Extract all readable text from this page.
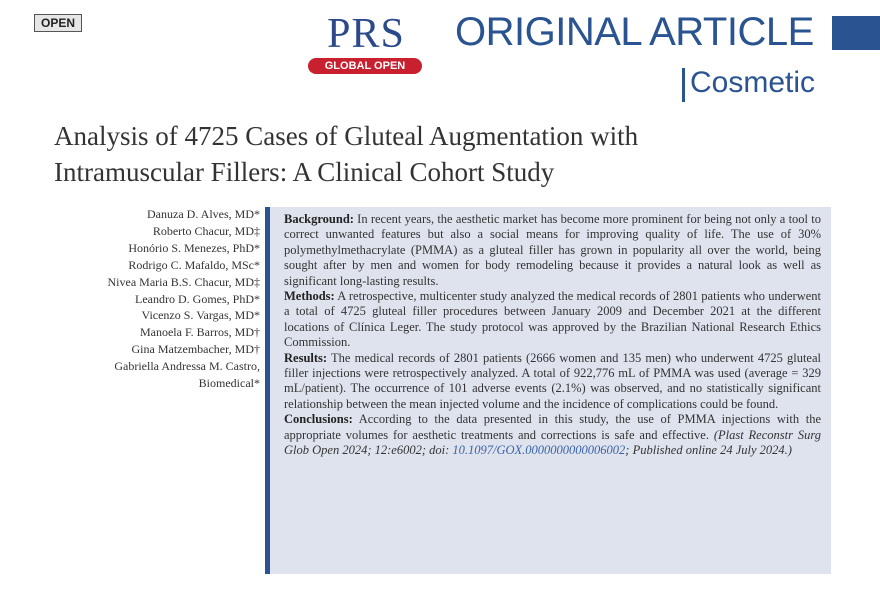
OPEN	PRS
GLOBAL OPEN
ORIGINAL ARTICLE
Cosmetic
Analysis of 4725 Cases of Gluteal Augmentation with
Intramuscular Fillers: A Clinical Cohort Study
Danuza D. Alves, MD*
Roberto Chacur, MD‡
Honório S. Menezes, PhD*
Rodrigo C. Mafaldo, MSc*
Nivea Maria B.S. Chacur, MD‡
Leandro D. Gomes, PhD*
Vicenzo S. Vargas, MD*
Manoela F. Barros, MD†
Gina Matzembacher, MD†
Gabriella Andressa M. Castro,
Biomedical*

Background: In recent years, the aesthetic market has become more prominent for being not only a tool to correct unwanted features but also a social means for improving quality of life. The use of 30% polymethylmethacrylate (PMMA) as a gluteal filler has grown in popularity all over the world, being sought after by men and women for body remodeling because it provides a natural look as well as significant long-lasting results.

Methods: A retrospective, multicenter study analyzed the medical records of 2801 patients who underwent a total of 4725 gluteal filler procedures between January 2009 and December 2021 at the different locations of Clínica Leger. The study protocol was approved by the Brazilian National Research Ethics Commission.

Results: The medical records of 2801 patients (2666 women and 135 men) who underwent 4725 gluteal filler injections were retrospectively analyzed. A total of 922,776 mL of PMMA was used (average = 329 mL/patient). The occurrence of 101 adverse events (2.1%) was observed, and no statistically significant relationship between the mean injected volume and the incidence of complications could be found.

Conclusions: According to the data presented in this study, the use of PMMA injections with the appropriate volumes for aesthetic treatments and corrections is safe and effective. (Plast Reconstr Surg Glob Open 2024; 12:e6002; doi: 10.1097/GOX.0000000000006002; Published online 24 July 2024.)
